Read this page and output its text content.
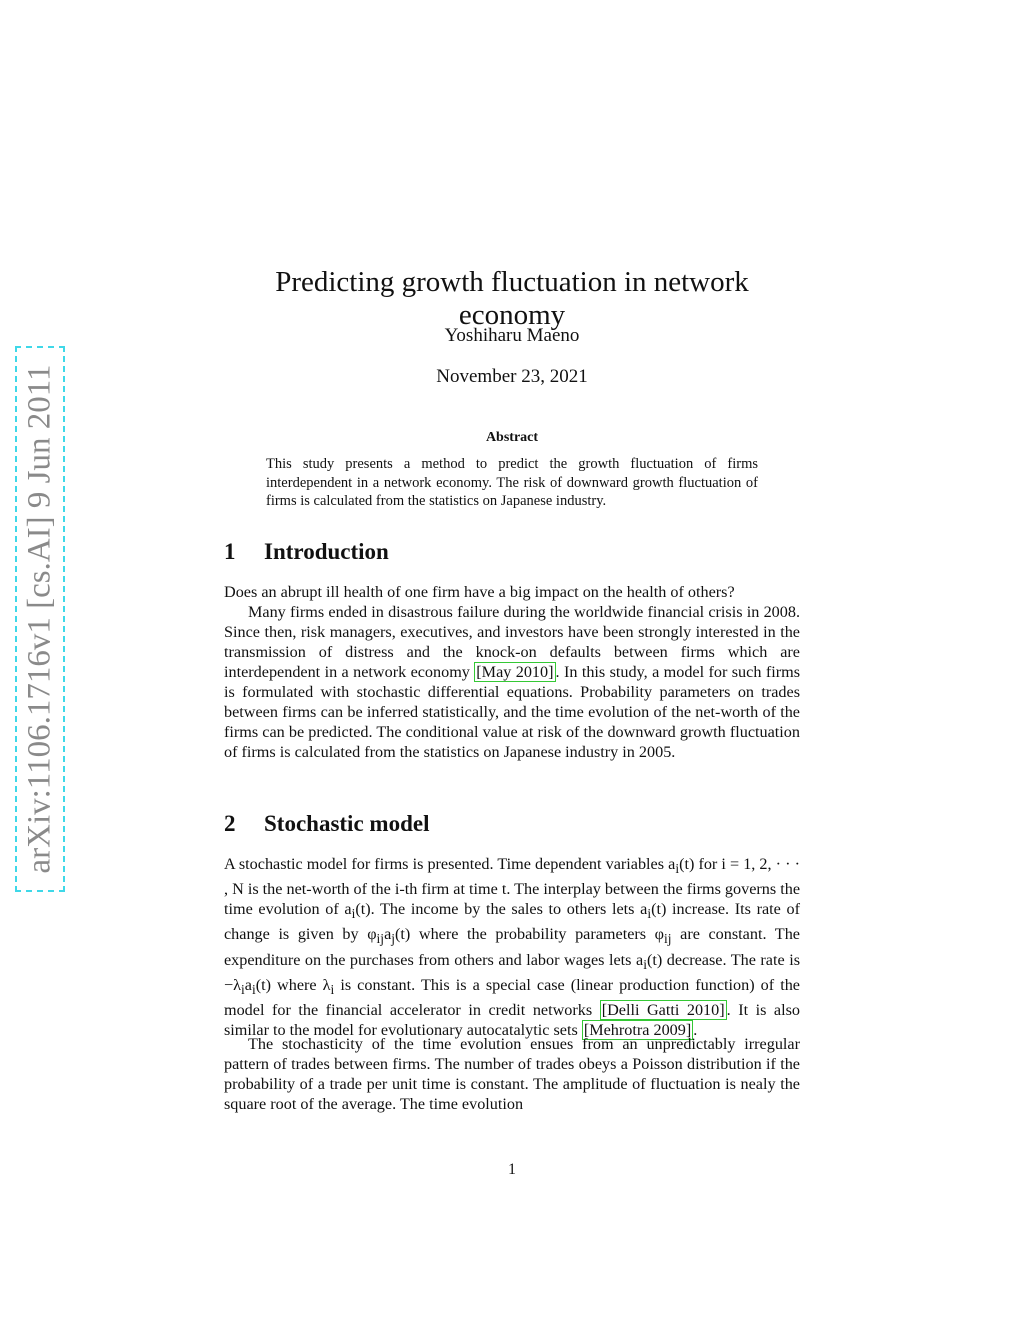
arXiv:1106.1716v1 [cs.AI] 9 Jun 2011
Predicting growth fluctuation in network economy
Yoshiharu Maeno
November 23, 2021
Abstract
This study presents a method to predict the growth fluctuation of firms interdependent in a network economy. The risk of downward growth fluctuation of firms is calculated from the statistics on Japanese industry.
1 Introduction

Does an abrupt ill health of one firm have a big impact on the health of others?

Many firms ended in disastrous failure during the worldwide financial crisis in 2008. Since then, risk managers, executives, and investors have been strongly interested in the transmission of distress and the knock-on defaults between firms which are interdependent in a network economy [May 2010] . In this study, a model for such firms is formulated with stochastic differential equations. Probability parameters on trades between firms can be inferred statistically, and the time evolution of the net-worth of the firms can be predicted. The conditional value at risk of the downward growth fluctuation of firms is calculated from the statistics on Japanese industry in 2005.

2 Stochastic model

A stochastic model for firms is presented. Time dependent variables $a_i(t)$ for i = 1, 2, · · · , N is the net-worth of the i-th firm at time t. The interplay between the firms governs the time evolution of $a_i(t)$. The income by the sales to others lets $a_i(t)$ increase. Its rate of change is given by $\varphi_{ij}a_j(t)$ where the probability parameters $\varphi_{ij}$ are constant. The expenditure on the purchases from others and labor wages lets $a_i(t)$ decrease. The rate is $-\lambda_ia_i(t)$ where $\lambda_i$ is constant. This is a special case (linear production function) of the model for the financial accelerator in credit networks [Delli Gatti 2010] . It is also similar to the model for evolutionary autocatalytic sets [Mehrotra 2009] .

The stochasticity of the time evolution ensues from an unpredictably irregular pattern of trades between firms. The number of trades obeys a Poisson distribution if the probability of a trade per unit time is constant. The amplitude of fluctuation is nealy the square root of the average. The time evolution

1
